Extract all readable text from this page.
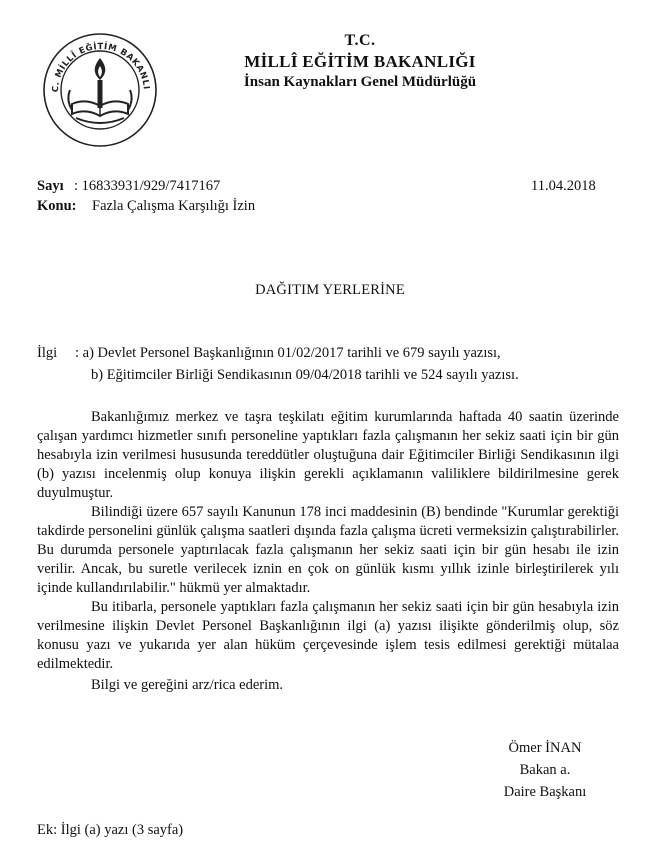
C. MİLLÎ EĞİTİM BAKANLI
T.C.
MİLLÎ EĞİTİM BAKANLIĞI
İnsan Kaynakları Genel Müdürlüğü
Sayı : 16833931/929/7417167	11.04.2018
Konu: Fazla Çalışma Karşılığı İzin
DAĞITIM YERLERİNE
İlgi : a) Devlet Personel Başkanlığının 01/02/2017 tarihli ve 679 sayılı yazısı,
b) Eğitimciler Birliği Sendikasının 09/04/2018 tarihli ve 524 sayılı yazısı.
Bakanlığımız merkez ve taşra teşkilatı eğitim kurumlarında haftada 40 saatin üzerinde çalışan yardımcı hizmetler sınıfı personeline yaptıkları fazla çalışmanın her sekiz saati için bir gün hesabıyla izin verilmesi hususunda tereddütler oluştuğuna dair Eğitimciler Birliği Sendikasının ilgi (b) yazısı incelenmiş olup konuya ilişkin gerekli açıklamanın valiliklere bildirilmesine gerek duyulmuştur.
Bilindiği üzere 657 sayılı Kanunun 178 inci maddesinin (B) bendinde "Kurumlar gerektiği takdirde personelini günlük çalışma saatleri dışında fazla çalışma ücreti vermeksizin çalıştırabilirler. Bu durumda personele yaptırılacak fazla çalışmanın her sekiz saati için bir gün hesabı ile izin verilir. Ancak, bu suretle verilecek iznin en çok on günlük kısmı yıllık izinle birleştirilerek yılı içinde kullandırılabilir." hükmü yer almaktadır.
Bu itibarla, personele yaptıkları fazla çalışmanın her sekiz saati için bir gün hesabıyla izin verilmesine ilişkin Devlet Personel Başkanlığının ilgi (a) yazısı ilişikte gönderilmiş olup, söz konusu yazı ve yukarıda yer alan hüküm çerçevesinde işlem tesis edilmesi gerektiği mütalaa edilmektedir.
Bilgi ve gereğini arz/rica ederim.
Ömer İNAN
Bakan a.
Daire Başkanı
Ek: İlgi (a) yazı (3 sayfa)
